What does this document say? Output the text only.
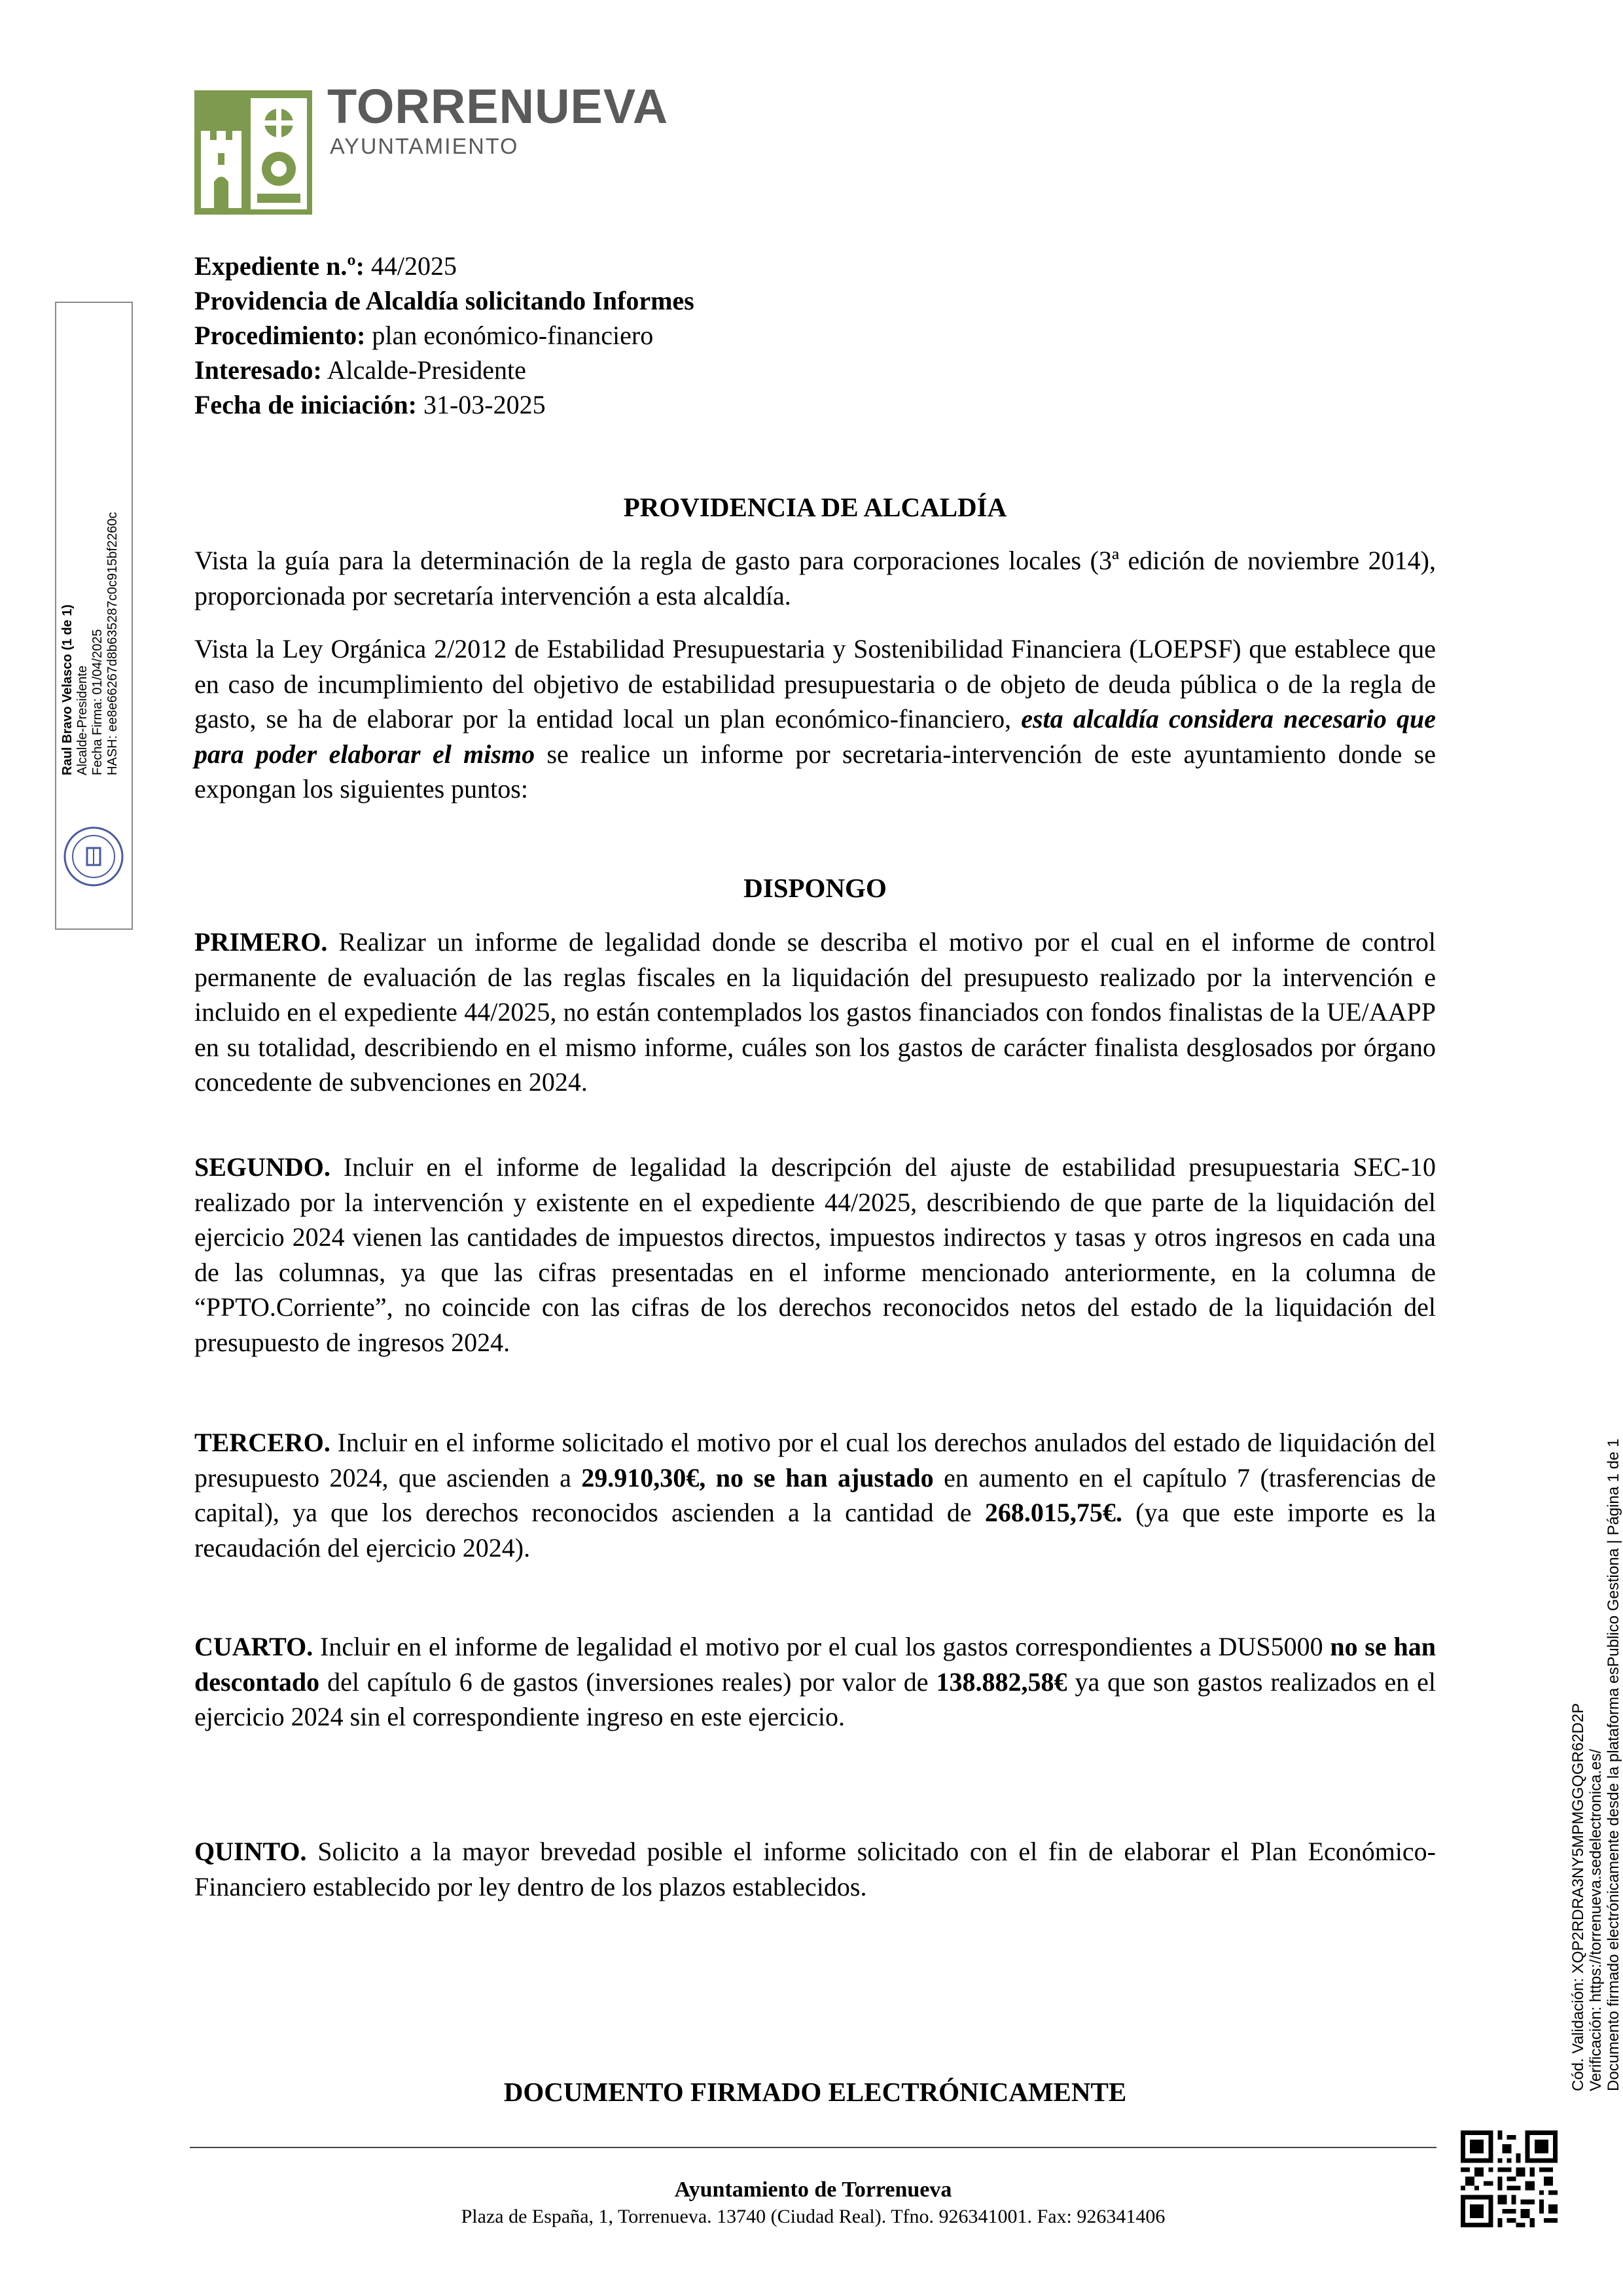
TORRENUEVA
AYUNTAMIENTO
Expediente n.º: 44/2025
Providencia de Alcaldía solicitando Informes
Procedimiento: plan económico-financiero
Interesado: Alcalde-Presidente
Fecha de iniciación: 31-03-2025
PROVIDENCIA DE ALCALDÍA

Vista la guía para la determinación de la regla de gasto para corporaciones locales (3ª edición de noviembre 2014), proporcionada por secretaría intervención a esta alcaldía.

Vista la Ley Orgánica 2/2012 de Estabilidad Presupuestaria y Sostenibilidad Financiera (LOEPSF) que establece que en caso de incumplimiento del objetivo de estabilidad presupuestaria o de objeto de deuda pública o de la regla de gasto, se ha de elaborar por la entidad local un plan económico-financiero, esta alcaldía considera necesario que para poder elaborar el mismo se realice un informe por secretaria-intervención de este ayuntamiento donde se expongan los siguientes puntos:

DISPONGO

PRIMERO. Realizar un informe de legalidad donde se describa el motivo por el cual en el informe de control permanente de evaluación de las reglas fiscales en la liquidación del presupuesto realizado por la intervención e incluido en el expediente 44/2025, no están contemplados los gastos financiados con fondos finalistas de la UE/AAPP en su totalidad, describiendo en el mismo informe, cuáles son los gastos de carácter finalista desglosados por órgano concedente de subvenciones en 2024.

SEGUNDO. Incluir en el informe de legalidad la descripción del ajuste de estabilidad presupuestaria SEC-10 realizado por la intervención y existente en el expediente 44/2025, describiendo de que parte de la liquidación del ejercicio 2024 vienen las cantidades de impuestos directos, impuestos indirectos y tasas y otros ingresos en cada una de las columnas, ya que las cifras presentadas en el informe mencionado anteriormente, en la columna de “PPTO.Corriente”, no coincide con las cifras de los derechos reconocidos netos del estado de la liquidación del presupuesto de ingresos 2024.

TERCERO. Incluir en el informe solicitado el motivo por el cual los derechos anulados del estado de liquidación del presupuesto 2024, que ascienden a 29.910,30€, no se han ajustado en aumento en el capítulo 7 (trasferencias de capital), ya que los derechos reconocidos ascienden a la cantidad de 268.015,75€. (ya que este importe es la recaudación del ejercicio 2024).

CUARTO. Incluir en el informe de legalidad el motivo por el cual los gastos correspondientes a DUS5000 no se han descontado del capítulo 6 de gastos (inversiones reales) por valor de 138.882,58€ ya que son gastos realizados en el ejercicio 2024 sin el correspondiente ingreso en este ejercicio.

QUINTO. Solicito a la mayor brevedad posible el informe solicitado con el fin de elaborar el Plan Económico-Financiero establecido por ley dentro de los plazos establecidos.

DOCUMENTO FIRMADO ELECTRÓNICAMENTE
Raul Bravo Velasco (1 de 1) Alcalde-Presidente Fecha Firma: 01/04/2025 HASH: ee8e66267d8b635287c0c915bf2260c
Cód. Validación: XQP2RDRA3NY5MPMGGQGR62D2P Verificación: https://torrenueva.sedelectronica.es/ Documento firmado electrónicamente desde la plataforma esPublico Gestiona | Página 1 de 1
Ayuntamiento de Torrenueva
Plaza de España, 1, Torrenueva. 13740 (Ciudad Real). Tfno. 926341001. Fax: 926341406
